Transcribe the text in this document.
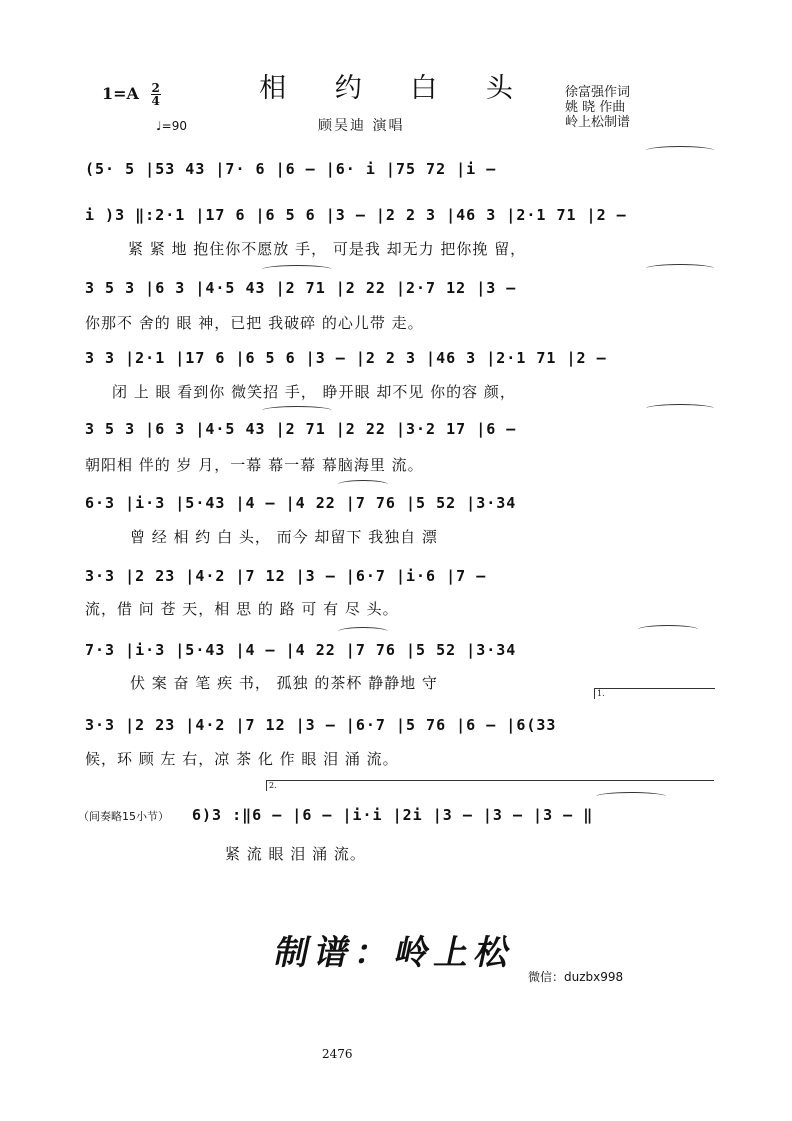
相 约 白 头
$1=A \frac{2}{4}$
♩=90	顾吴迪 演唱
徐富强作词
姚 晓 作曲
岭上松制谱
(5· 5 |53 43 |7· 6 |6 – |6· i |75 72 |i –
i )3 ‖:2·1 |17 6 |6 5 6 |3 – |2 2 3 |46 3 |2·1 71 |2 –
紧 紧 地 抱住你不愿放 手， 可是我 却无力 把你挽 留，
3 5 3 |6 3 |4·5 43 |2 71 |2 22 |2·7 12 |3 –
你那不 舍的 眼 神，已把 我破碎 的心儿带 走。
3 3 |2·1 |17 6 |6 5 6 |3 – |2 2 3 |46 3 |2·1 71 |2 –
闭 上 眼 看到你 微笑招 手， 睁开眼 却不见 你的容 颜，
3 5 3 |6 3 |4·5 43 |2 71 |2 22 |3·2 17 |6 –
朝阳相 伴的 岁 月，一幕 幕一幕 幕脑海里 流。
6·3 |i·3 |5·43 |4 – |4 22 |7 76 |5 52 |3·34
曾 经 相 约 白 头， 而今 却留下 我独自 漂
3·3 |2 23 |4·2 |7 12 |3 – |6·7 |i·6 |7 –
流，借 问 苍 天，相 思 的 路 可 有 尽 头。
7·3 |i·3 |5·43 |4 – |4 22 |7 76 |5 52 |3·34
伏 案 奋 笔 疾 书， 孤独 的茶杯 静静地 守
1.
3·3 |2 23 |4·2 |7 12 |3 – |6·7 |5 76 |6 – |6(33
候，环 顾 左 右，凉 茶 化 作 眼 泪 涌 流。
2.
（间奏略15小节） 6)3 :‖6 – |6 – |i·i |2i |3 – |3 – |3 – ‖
紧 流 眼 泪 涌 流。
制谱：岭上松
微信：duzbx998
2476
